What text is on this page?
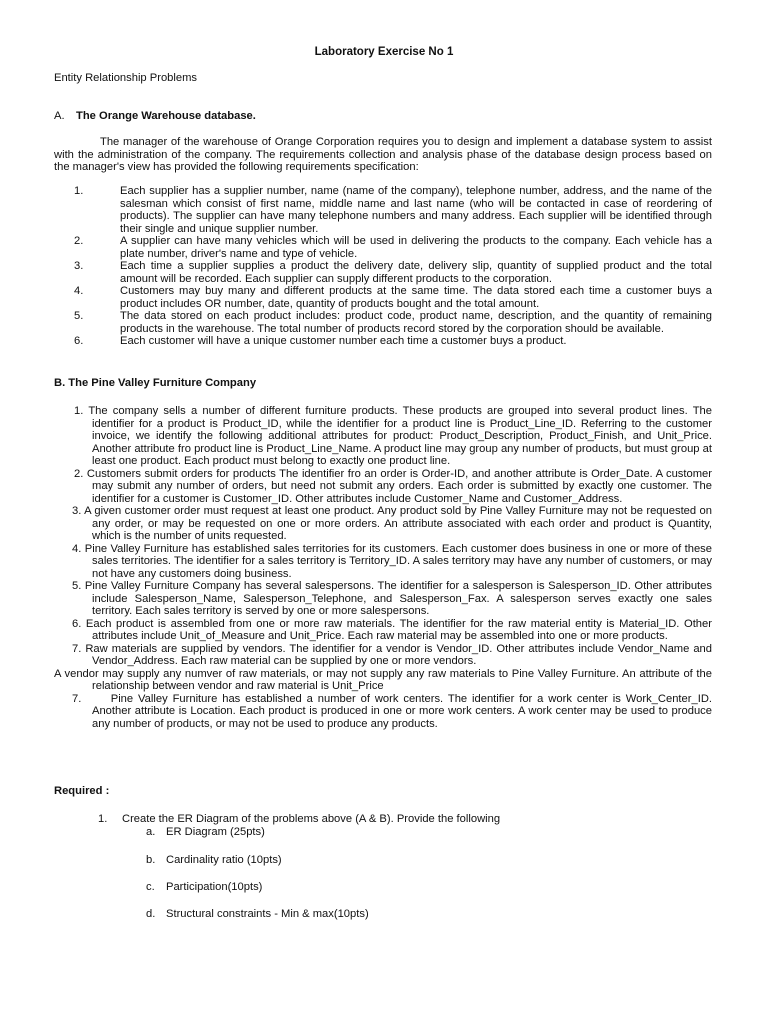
Laboratory Exercise No 1
Entity Relationship Problems
A. The Orange Warehouse database.
The manager of the warehouse of Orange Corporation requires you to design and implement a database system to assist with the administration of the company. The requirements collection and analysis phase of the database design process based on the manager's view has provided the following requirements specification:
1.	Each supplier has a supplier number, name (name of the company), telephone number, address, and the name of the salesman which consist of first name, middle name and last name (who will be contacted in case of reordering of products). The supplier can have many telephone numbers and many address. Each supplier will be identified through their single and unique supplier number.
2.	A supplier can have many vehicles which will be used in delivering the products to the company. Each vehicle has a plate number, driver's name and type of vehicle.
3.	Each time a supplier supplies a product the delivery date, delivery slip, quantity of supplied product and the total amount will be recorded. Each supplier can supply different products to the corporation.
4.	Customers may buy many and different products at the same time. The data stored each time a customer buys a product includes OR number, date, quantity of products bought and the total amount.
5.	The data stored on each product includes: product code, product name, description, and the quantity of remaining products in the warehouse. The total number of products record stored by the corporation should be available.
6.	Each customer will have a unique customer number each time a customer buys a product.
B. The Pine Valley Furniture Company

1. The company sells a number of different furniture products. These products are grouped into several product lines. The identifier for a product is Product_ID, while the identifier for a product line is Product_Line_ID. Referring to the customer invoice, we identify the following additional attributes for product: Product_Description, Product_Finish, and Unit_Price. Another attribute fro product line is Product_Line_Name. A product line may group any number of products, but must group at least one product. Each product must belong to exactly one product line.

2. Customers submit orders for products The identifier fro an order is Order-ID, and another attribute is Order_Date. A customer may submit any number of orders, but need not submit any orders. Each order is submitted by exactly one customer. The identifier for a customer is Customer_ID. Other attributes include Customer_Name and Customer_Address.

3. A given customer order must request at least one product. Any product sold by Pine Valley Furniture may not be requested on any order, or may be requested on one or more orders. An attribute associated with each order and product is Quantity, which is the number of units requested.

4. Pine Valley Furniture has established sales territories for its customers. Each customer does business in one or more of these sales territories. The identifier for a sales territory is Territory_ID. A sales territory may have any number of customers, or may not have any customers doing business.

5. Pine Valley Furniture Company has several salespersons. The identifier for a salesperson is Salesperson_ID. Other attributes include Salesperson_Name, Salesperson_Telephone, and Salesperson_Fax. A salesperson serves exactly one sales territory. Each sales territory is served by one or more salespersons.

6. Each product is assembled from one or more raw materials. The identifier for the raw material entity is Material_ID. Other attributes include Unit_of_Measure and Unit_Price. Each raw material may be assembled into one or more products.

7. Raw materials are supplied by vendors. The identifier for a vendor is Vendor_ID. Other attributes include Vendor_Name and Vendor_Address. Each raw material can be supplied by one or more vendors.

A vendor may supply any numver of raw materials, or may not supply any raw materials to Pine Valley Furniture. An attribute of the relationship between vendor and raw material is Unit_Price

7.      Pine Valley Furniture has established a number of work centers. The identifier for a work center is Work_Center_ID. Another attribute is Location. Each product is produced in one or more work centers. A work center may be used to produce any number of products, or may not be used to produce any products.

Required :
1. Create the ER Diagram of the problems above (A & B). Provide the following
a. ER Diagram (25pts)
b. Cardinality ratio (10pts)
c. Participation(10pts)
d. Structural constraints - Min & max(10pts)
